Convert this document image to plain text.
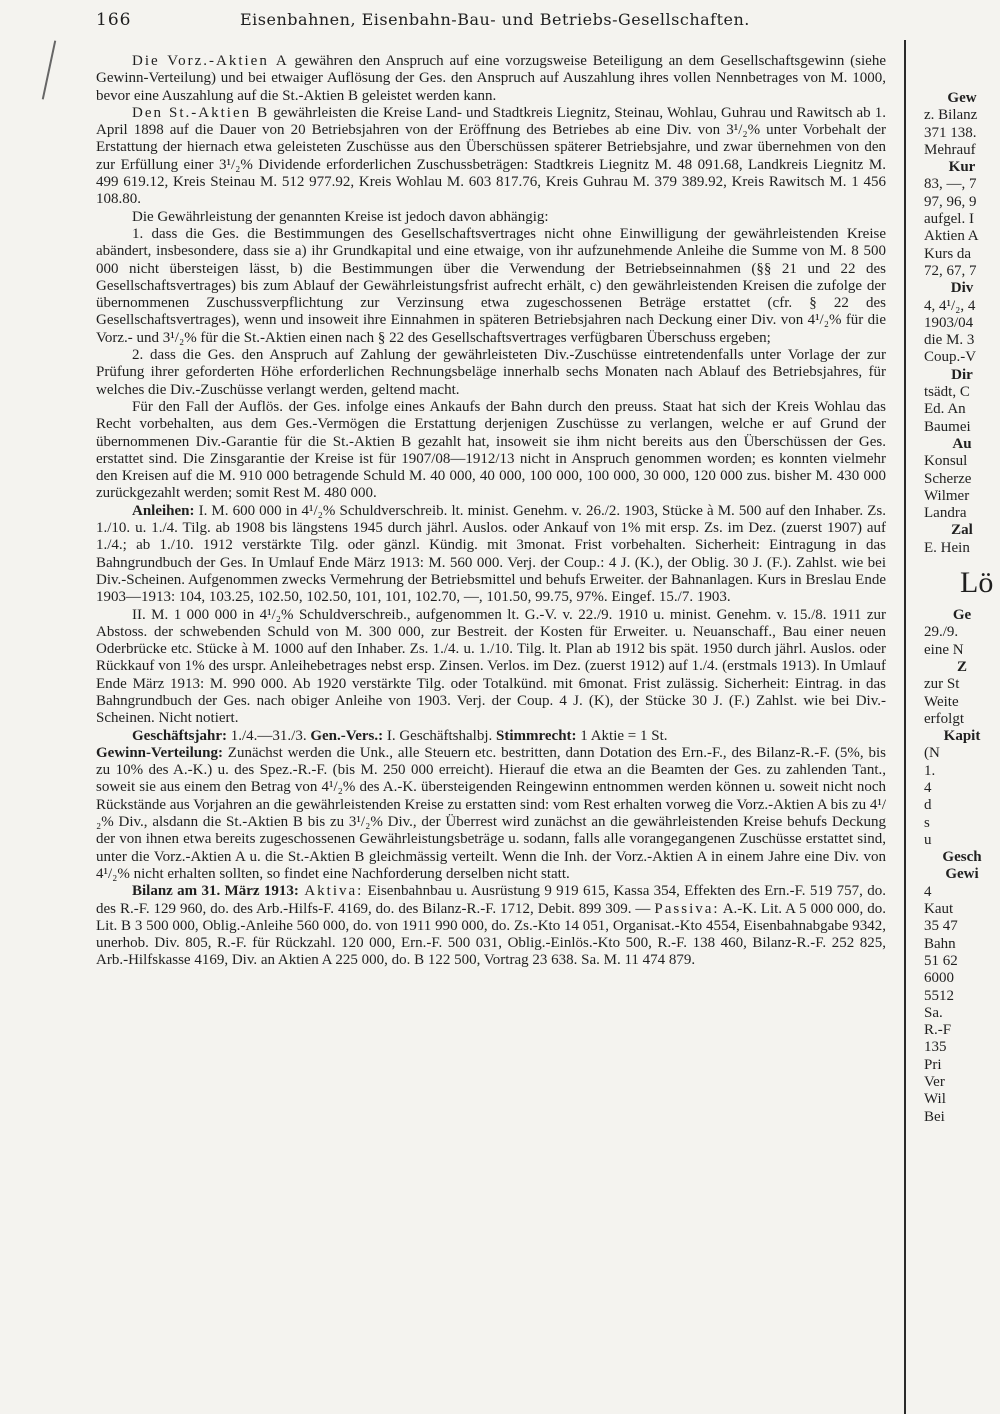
166	Eisenbahnen, Eisenbahn-Bau- und Betriebs-Gesellschaften.

Die Vorz.-Aktien A gewähren den Anspruch auf eine vorzugsweise Beteiligung an dem Gesellschaftsgewinn (siehe Gewinn-Verteilung) und bei etwaiger Auflösung der Ges. den Anspruch auf Auszahlung ihres vollen Nennbetrages von M. 1000, bevor eine Auszahlung auf die St.-Aktien B geleistet werden kann.

Den St.-Aktien B gewährleisten die Kreise Land- und Stadtkreis Liegnitz, Steinau, Wohlau, Guhrau und Rawitsch ab 1. April 1898 auf die Dauer von 20 Betriebsjahren von der Eröffnung des Betriebes ab eine Div. von 3¹/₂% unter Vorbehalt der Erstattung der hiernach etwa geleisteten Zuschüsse aus den Überschüssen späterer Betriebsjahre, und zwar übernehmen von den zur Erfüllung einer 3¹/₂% Dividende erforderlichen Zuschussbeträgen: Stadtkreis Liegnitz M. 48 091.68, Landkreis Liegnitz M. 499 619.12, Kreis Steinau M. 512 977.92, Kreis Wohlau M. 603 817.76, Kreis Guhrau M. 379 389.92, Kreis Rawitsch M. 1 456 108.80.

Die Gewährleistung der genannten Kreise ist jedoch davon abhängig:

1. dass die Ges. die Bestimmungen des Gesellschaftsvertrages nicht ohne Einwilligung der gewährleistenden Kreise abändert, insbesondere, dass sie a) ihr Grundkapital und eine etwaige, von ihr aufzunehmende Anleihe die Summe von M. 8 500 000 nicht übersteigen lässt, b) die Bestimmungen über die Verwendung der Betriebseinnahmen (§§ 21 und 22 des Gesellschaftsvertrages) bis zum Ablauf der Gewährleistungsfrist aufrecht erhält, c) den gewährleistenden Kreisen die zufolge der übernommenen Zuschussverpflichtung zur Verzinsung etwa zugeschossenen Beträge erstattet (cfr. § 22 des Gesellschaftsvertrages), wenn und insoweit ihre Einnahmen in späteren Betriebsjahren nach Deckung einer Div. von 4¹/₂% für die Vorz.- und 3¹/₂% für die St.-Aktien einen nach § 22 des Gesellschaftsvertrages verfügbaren Überschuss ergeben;

2. dass die Ges. den Anspruch auf Zahlung der gewährleisteten Div.-Zuschüsse eintretendenfalls unter Vorlage der zur Prüfung ihrer geforderten Höhe erforderlichen Rechnungsbeläge innerhalb sechs Monaten nach Ablauf des Betriebsjahres, für welches die Div.-Zuschüsse verlangt werden, geltend macht.

Für den Fall der Auflös. der Ges. infolge eines Ankaufs der Bahn durch den preuss. Staat hat sich der Kreis Wohlau das Recht vorbehalten, aus dem Ges.-Vermögen die Erstattung derjenigen Zuschüsse zu verlangen, welche er auf Grund der übernommenen Div.-Garantie für die St.-Aktien B gezahlt hat, insoweit sie ihm nicht bereits aus den Überschüssen der Ges. erstattet sind. Die Zinsgarantie der Kreise ist für 1907/08—1912/13 nicht in Anspruch genommen worden; es konnten vielmehr den Kreisen auf die M. 910 000 betragende Schuld M. 40 000, 40 000, 100 000, 100 000, 30 000, 120 000 zus. bisher M. 430 000 zurückgezahlt werden; somit Rest M. 480 000.

Anleihen: I. M. 600 000 in 4¹/₂% Schuldverschreib. lt. minist. Genehm. v. 26./2. 1903, Stücke à M. 500 auf den Inhaber. Zs. 1./10. u. 1./4. Tilg. ab 1908 bis längstens 1945 durch jährl. Auslos. oder Ankauf von 1% mit ersp. Zs. im Dez. (zuerst 1907) auf 1./4.; ab 1./10. 1912 verstärkte Tilg. oder gänzl. Kündig. mit 3monat. Frist vorbehalten. Sicherheit: Eintragung in das Bahngrundbuch der Ges. In Umlauf Ende März 1913: M. 560 000. Verj. der Coup.: 4 J. (K.), der Oblig. 30 J. (F.). Zahlst. wie bei Div.-Scheinen. Aufgenommen zwecks Vermehrung der Betriebsmittel und behufs Erweiter. der Bahnanlagen. Kurs in Breslau Ende 1903—1913: 104, 103.25, 102.50, 102.50, 101, 101, 102.70, —, 101.50, 99.75, 97%. Eingef. 15./7. 1903.

II. M. 1 000 000 in 4¹/₂% Schuldverschreib., aufgenommen lt. G.-V. v. 22./9. 1910 u. minist. Genehm. v. 15./8. 1911 zur Abstoss. der schwebenden Schuld von M. 300 000, zur Bestreit. der Kosten für Erweiter. u. Neuanschaff., Bau einer neuen Oderbrücke etc. Stücke à M. 1000 auf den Inhaber. Zs. 1./4. u. 1./10. Tilg. lt. Plan ab 1912 bis spät. 1950 durch jährl. Auslos. oder Rückkauf von 1% des urspr. Anleihebetrages nebst ersp. Zinsen. Verlos. im Dez. (zuerst 1912) auf 1./4. (erstmals 1913). In Umlauf Ende März 1913: M. 990 000. Ab 1920 verstärkte Tilg. oder Totalkünd. mit 6monat. Frist zulässig. Sicherheit: Eintrag. in das Bahngrundbuch der Ges. nach obiger Anleihe von 1903. Verj. der Coup. 4 J. (K), der Stücke 30 J. (F.) Zahlst. wie bei Div.-Scheinen. Nicht notiert.

Geschäftsjahr: 1./4.—31./3. Gen.-Vers.: I. Geschäftshalbj. Stimmrecht: 1 Aktie = 1 St.

Gewinn-Verteilung: Zunächst werden die Unk., alle Steuern etc. bestritten, dann Dotation des Ern.-F., des Bilanz-R.-F. (5%, bis zu 10% des A.-K.) u. des Spez.-R.-F. (bis M. 250 000 erreicht). Hierauf die etwa an die Beamten der Ges. zu zahlenden Tant., soweit sie aus einem den Betrag von 4¹/₂% des A.-K. übersteigenden Reingewinn entnommen werden können u. soweit nicht noch Rückstände aus Vorjahren an die gewährleistenden Kreise zu erstatten sind: vom Rest erhalten vorweg die Vorz.-Aktien A bis zu 4¹/₂% Div., alsdann die St.-Aktien B bis zu 3¹/₂% Div., der Überrest wird zunächst an die gewährleistenden Kreise behufs Deckung der von ihnen etwa bereits zugeschossenen Gewährleistungsbeträge u. sodann, falls alle vorangegangenen Zuschüsse erstattet sind, unter die Vorz.-Aktien A u. die St.-Aktien B gleichmässig verteilt. Wenn die Inh. der Vorz.-Aktien A in einem Jahre eine Div. von 4¹/₂% nicht erhalten sollten, so findet eine Nachforderung derselben nicht statt.

Bilanz am 31. März 1913: Aktiva: Eisenbahnbau u. Ausrüstung 9 919 615, Kassa 354, Effekten des Ern.-F. 519 757, do. des R.-F. 129 960, do. des Arb.-Hilfs-F. 4169, do. des Bilanz-R.-F. 1712, Debit. 899 309. — Passiva: A.-K. Lit. A 5 000 000, do. Lit. B 3 500 000, Oblig.-Anleihe 560 000, do. von 1911 990 000, do. Zs.-Kto 14 051, Organisat.-Kto 4554, Eisenbahnabgabe 9342, unerhob. Div. 805, R.-F. für Rückzahl. 120 000, Ern.-F. 500 031, Oblig.-Einlös.-Kto 500, R.-F. 138 460, Bilanz-R.-F. 252 825, Arb.-Hilfskasse 4169, Div. an Aktien A 225 000, do. B 122 500, Vortrag 23 638. Sa. M. 11 474 879.

Gew
z. Bilanz
371 138.
Mehrauf
Kur
83, —, 7
97, 96, 9
aufgel. I
Aktien A
Kurs da
72, 67, 7
Div
4, 4¹/₂, 4
1903/04
die M. 3
Coup.-V
Dir
tsädt, C
Ed. An
Baumei
Au
Konsul
Scherze
Wilmer
Landra
Zal
E. Hein
Lö
Ge
29./9.
eine N
Z
zur St
Weite
erfolgt
Kapit
(N
1.
4
d
s
u
Gesch
Gewi
4
Kaut
35 47
Bahn
51 62
6000
5512
Sa.
R.-F
135
Pri
Ver
Wil
Bei
